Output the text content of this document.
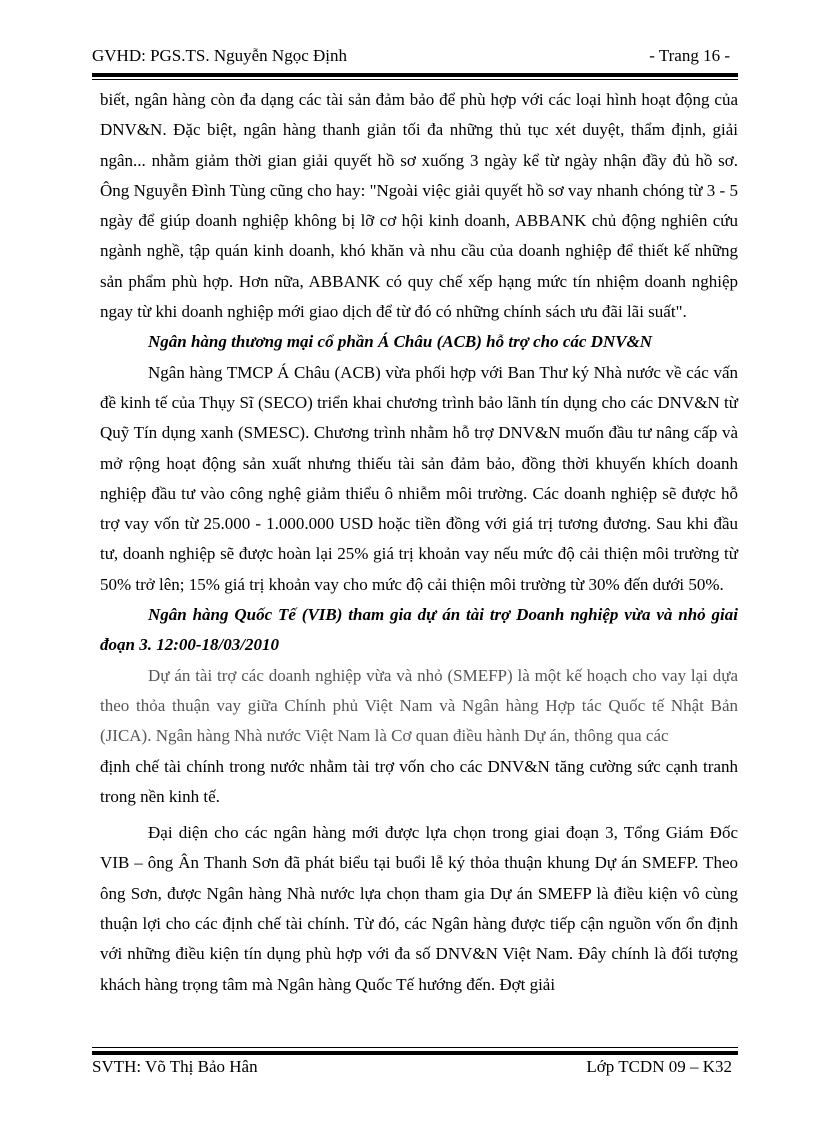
GVHD: PGS.TS. Nguyễn Ngọc Định	- Trang 16 -

biết, ngân hàng còn đa dạng các tài sản đảm bảo để phù hợp với các loại hình hoạt động của DNV&N. Đặc biệt, ngân hàng thanh giản tối đa những thủ tục xét duyệt, thẩm định, giải ngân... nhằm giảm thời gian giải quyết hồ sơ xuống 3 ngày kể từ ngày nhận đầy đủ hồ sơ. Ông Nguyễn Đình Tùng cũng cho hay: "Ngoài việc giải quyết hồ sơ vay nhanh chóng từ 3 - 5 ngày để giúp doanh nghiệp không bị lỡ cơ hội kinh doanh, ABBANK chủ động nghiên cứu ngành nghề, tập quán kinh doanh, khó khăn và nhu cầu của doanh nghiệp để thiết kế những sản phẩm phù hợp. Hơn nữa, ABBANK có quy chế xếp hạng mức tín nhiệm doanh nghiệp ngay từ khi doanh nghiệp mới giao dịch để từ đó có những chính sách ưu đãi lãi suất".

Ngân hàng thương mại cổ phần Á Châu (ACB) hỗ trợ cho các DNV&N

Ngân hàng TMCP Á Châu (ACB) vừa phối hợp với Ban Thư ký Nhà nước về các vấn đề kinh tế của Thụy Sĩ (SECO) triển khai chương trình bảo lãnh tín dụng cho các DNV&N từ Quỹ Tín dụng xanh (SMESC). Chương trình nhằm hỗ trợ DNV&N muốn đầu tư nâng cấp và mở rộng hoạt động sản xuất nhưng thiếu tài sản đảm bảo, đồng thời khuyến khích doanh nghiệp đầu tư vào công nghệ giảm thiểu ô nhiễm môi trường. Các doanh nghiệp sẽ được hỗ trợ vay vốn từ 25.000 - 1.000.000 USD hoặc tiền đồng với giá trị tương đương. Sau khi đầu tư, doanh nghiệp sẽ được hoàn lại 25% giá trị khoản vay nếu mức độ cải thiện môi trường từ 50% trở lên; 15% giá trị khoản vay cho mức độ cải thiện môi trường từ 30% đến dưới 50%.

Ngân hàng Quốc Tế (VIB) tham gia dự án tài trợ Doanh nghiệp vừa và nhỏ giai đoạn 3. 12:00-18/03/2010

Dự án tài trợ các doanh nghiệp vừa và nhỏ (SMEFP) là một kế hoạch cho vay lại dựa theo thỏa thuận vay giữa Chính phủ Việt Nam và Ngân hàng Hợp tác Quốc tế Nhật Bản (JICA). Ngân hàng Nhà nước Việt Nam là Cơ quan điều hành Dự án, thông qua các

định chế tài chính trong nước nhằm tài trợ vốn cho các DNV&N tăng cường sức cạnh tranh trong nền kinh tế.

Đại diện cho các ngân hàng mới được lựa chọn trong giai đoạn 3, Tổng Giám Đốc VIB – ông Ân Thanh Sơn đã phát biểu tại buổi lễ ký thỏa thuận khung Dự án SMEFP. Theo ông Sơn, được Ngân hàng Nhà nước lựa chọn tham gia Dự án SMEFP là điều kiện vô cùng thuận lợi cho các định chế tài chính. Từ đó, các Ngân hàng được tiếp cận nguồn vốn ổn định với những điều kiện tín dụng phù hợp với đa số DNV&N Việt Nam. Đây chính là đối tượng khách hàng trọng tâm mà Ngân hàng Quốc Tế hướng đến. Đợt giải

SVTH: Võ Thị Bảo Hân	Lớp TCDN 09 – K32
